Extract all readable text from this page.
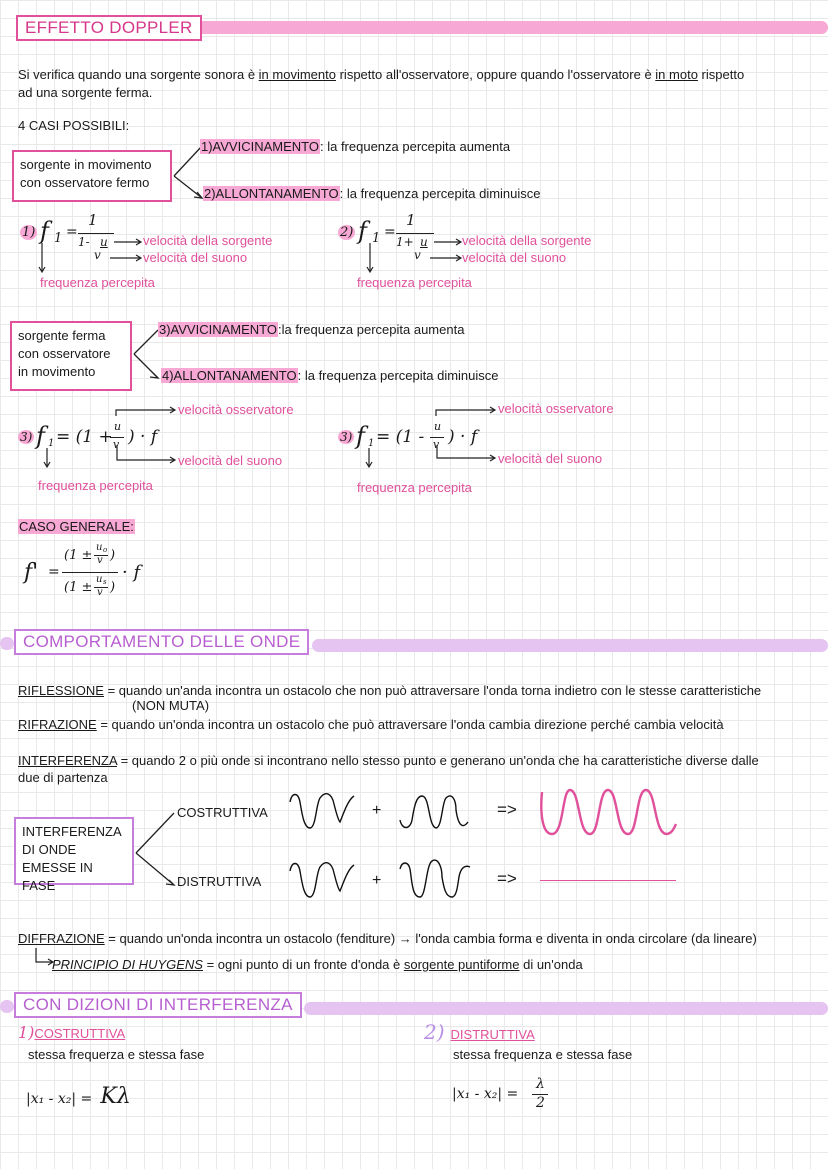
EFFETTO DOPPLER
Si verifica quando una sorgente sonora è in movimento rispetto all'osservatore, oppure quando l'osservatore è in moto rispetto
ad una sorgente ferma.
4 CASI POSSIBILI:
sorgente in movimento
con osservatore fermo
1)AVVICINAMENTO: la frequenza percepita aumenta
2)ALLONTANAMENTO: la frequenza percepita diminuisce
1) f 1 =
1
1- u
v
velocità della sorgente
velocità del suono
frequenza percepita
2) f 1 =
1
1+ u
v
velocità della sorgente
velocità del suono
frequenza percepita
sorgente ferma
con osservatore
in movimento
3)AVVICINAMENTO:la frequenza percepita aumenta
4)ALLONTANAMENTO: la frequenza percepita diminuisce
3) f 1 = (1 +
u
v ) · f
velocità osservatore
velocità del suono
frequenza percepita
3) f 1 = (1 -
u
v ) · f
velocità osservatore
velocità del suono
frequenza percepita
CASO GENERALE:
f' =
(1 ±
u o
v )
(1 ±
u s
v )
· f
COMPORTAMENTO DELLE ONDE
RIFLESSIONE = quando un'anda incontra un ostacolo che non può attraversare l'onda torna indietro con le stesse caratteristiche
(NON MUTA)
RIFRAZIONE = quando un'onda incontra un ostacolo che può attraversare l'onda cambia direzione perché cambia velocità
INTERFERENZA = quando 2 o più onde si incontrano nello stesso punto e generano un'onda che ha caratteristiche diverse dalle
due di partenza
INTERFERENZA
DI ONDE
EMESSE IN FASE
COSTRUTTIVA
DISTRUTTIVA
+	=>
+	=>
DIFFRAZIONE = quando un'onda incontra un ostacolo (fenditure) → l'onda cambia forma e diventa in onda circolare (da lineare)
PRINCIPIO DI HUYGENS = ogni punto di un fronte d'onda è sorgente puntiforme di un'onda
CON DIZIONI DI INTERFERENZA
1)COSTRUTTIVA
stessa frequerza e stessa fase
|x₁ - x₂| = Kλ
2) DISTRUTTIVA
stessa frequenza e stessa fase
|x₁ - x₂| =
λ
2
